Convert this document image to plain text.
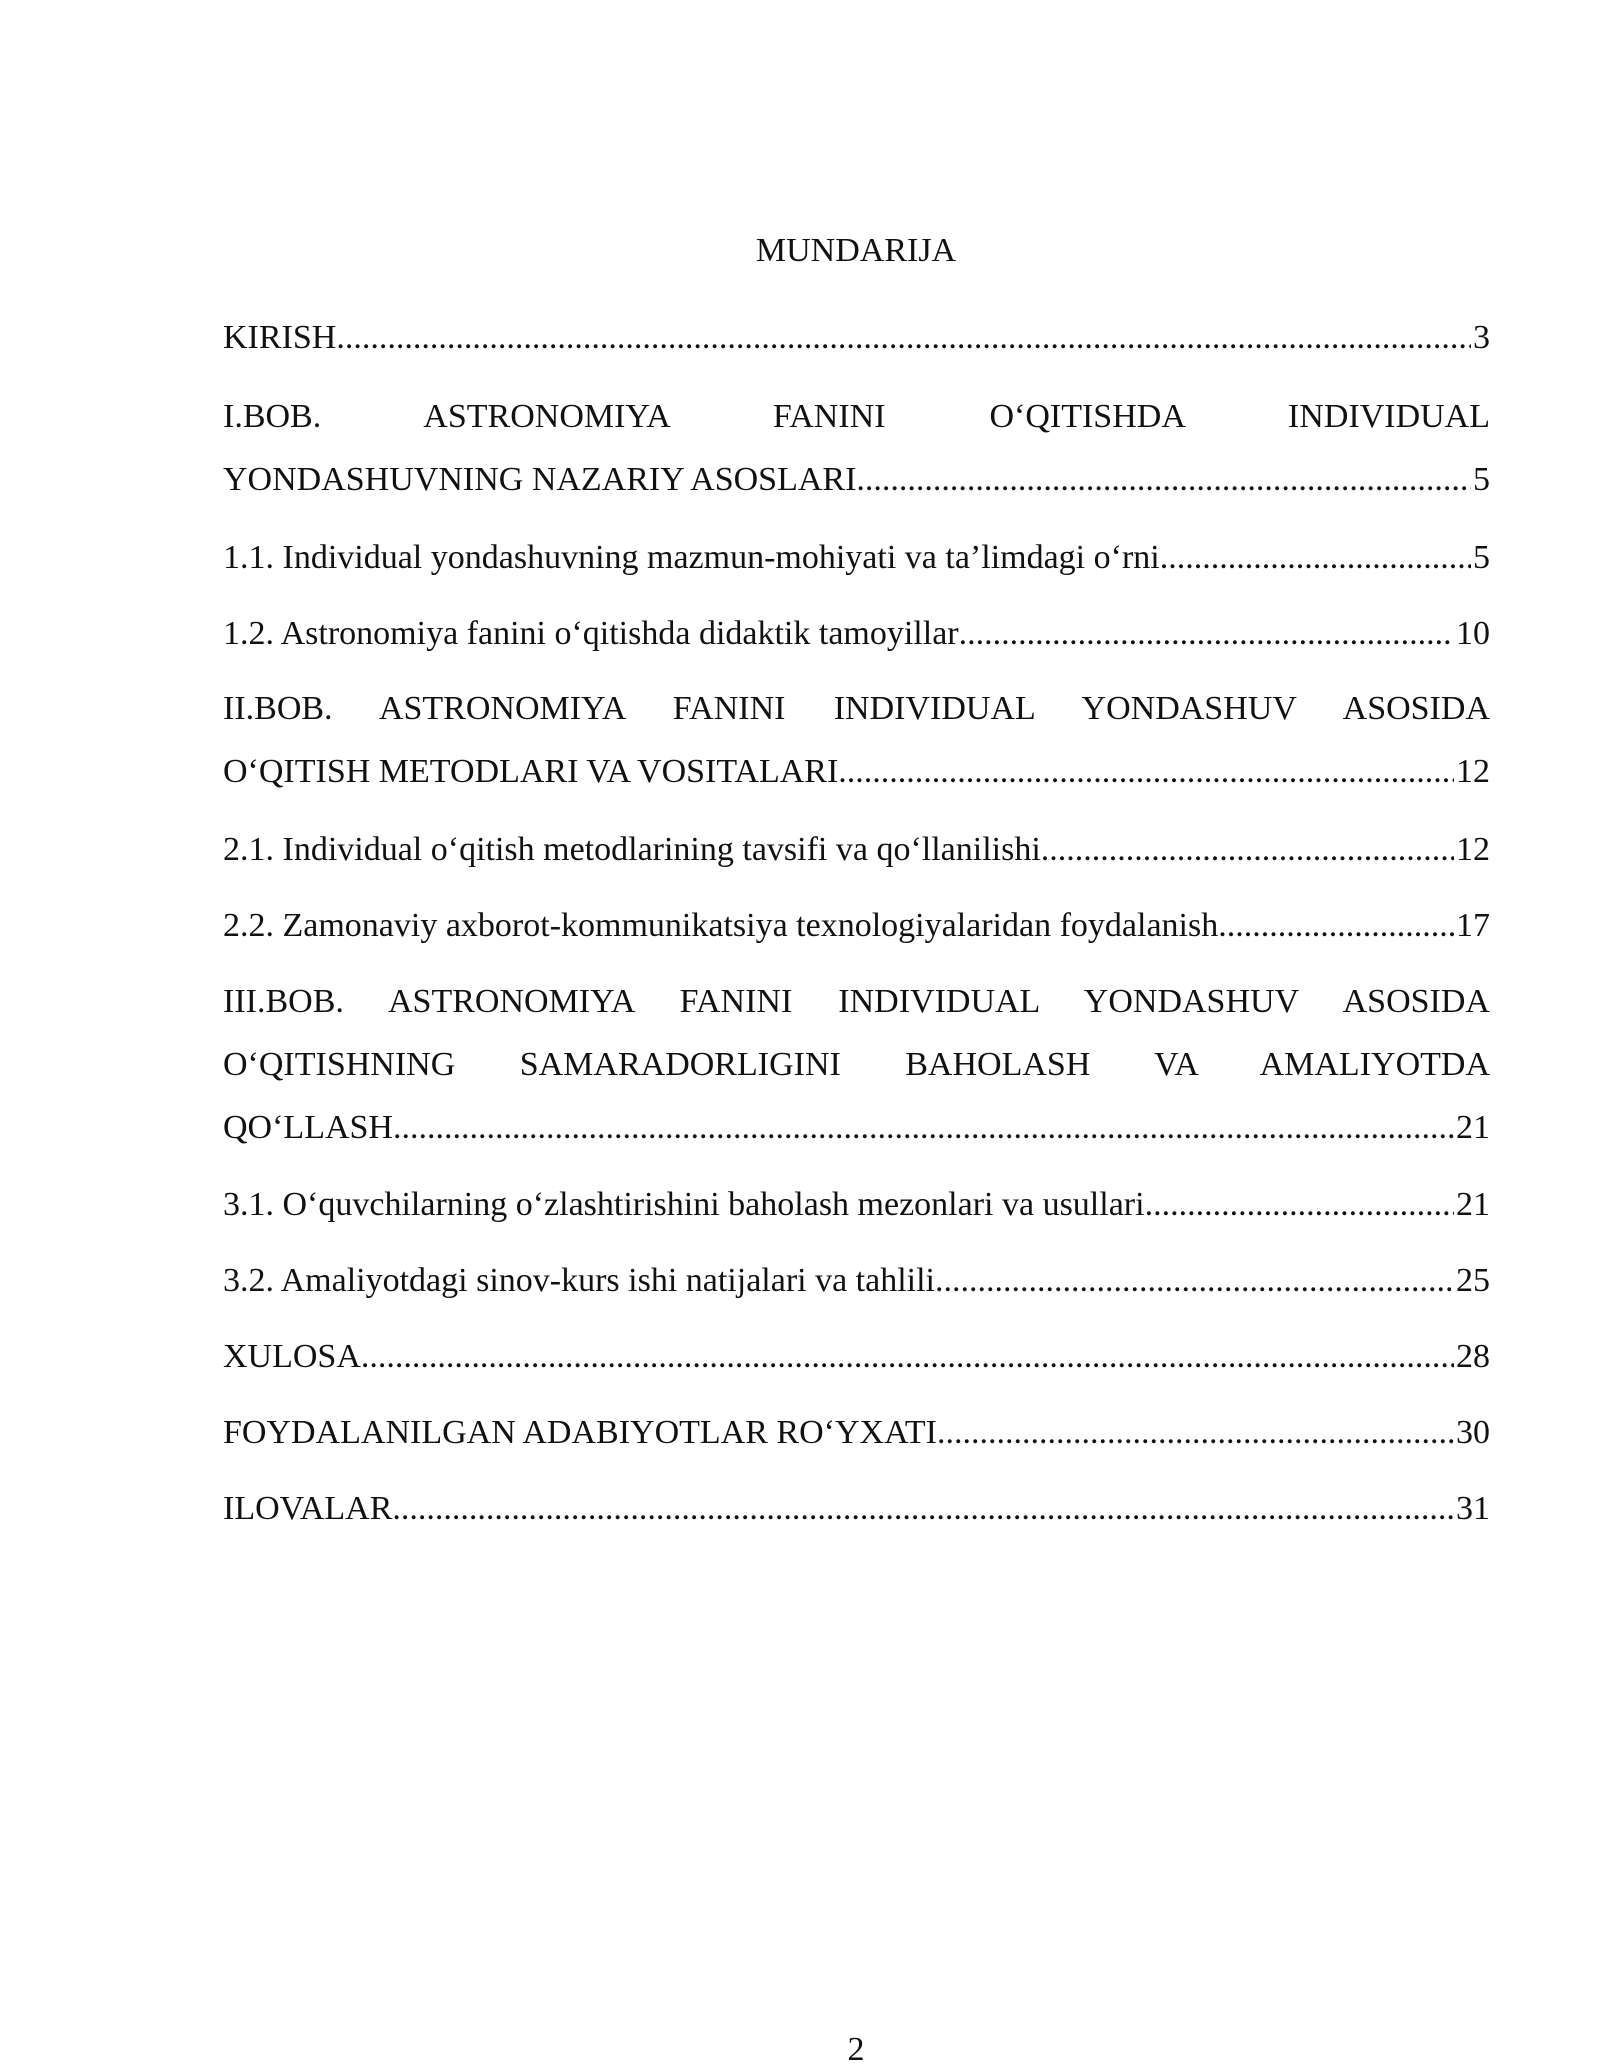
MUNDARIJA
KIRISH .....	3
I.BOB. ASTRONOMIYA FANINI O‘QITISHDA INDIVIDUAL
YONDASHUVNING NAZARIY ASOSLARI .....	5
1.1. Individual yondashuvning mazmun-mohiyati va ta’limdagi o‘rni .....	5
1.2. Astronomiya fanini o‘qitishda didaktik tamoyillar .....	10
II.BOB. ASTRONOMIYA FANINI INDIVIDUAL YONDASHUV ASOSIDA
O‘QITISH METODLARI VA VOSITALARI .....	12
2.1. Individual o‘qitish metodlarining tavsifi va qo‘llanilishi .....	12
2.2. Zamonaviy axborot-kommunikatsiya texnologiyalaridan foydalanish .....	17
III.BOB. ASTRONOMIYA FANINI INDIVIDUAL YONDASHUV ASOSIDA
O‘QITISHNING SAMARADORLIGINI BAHOLASH VA AMALIYOTDA
QO‘LLASH .....	21
3.1. O‘quvchilarning o‘zlashtirishini baholash mezonlari va usullari .....	21
3.2. Amaliyotdagi sinov-kurs ishi natijalari va tahlili .....	25
XULOSA .....	28
FOYDALANILGAN ADABIYOTLAR RO‘YXATI .....	30
ILOVALAR .....	31
2
